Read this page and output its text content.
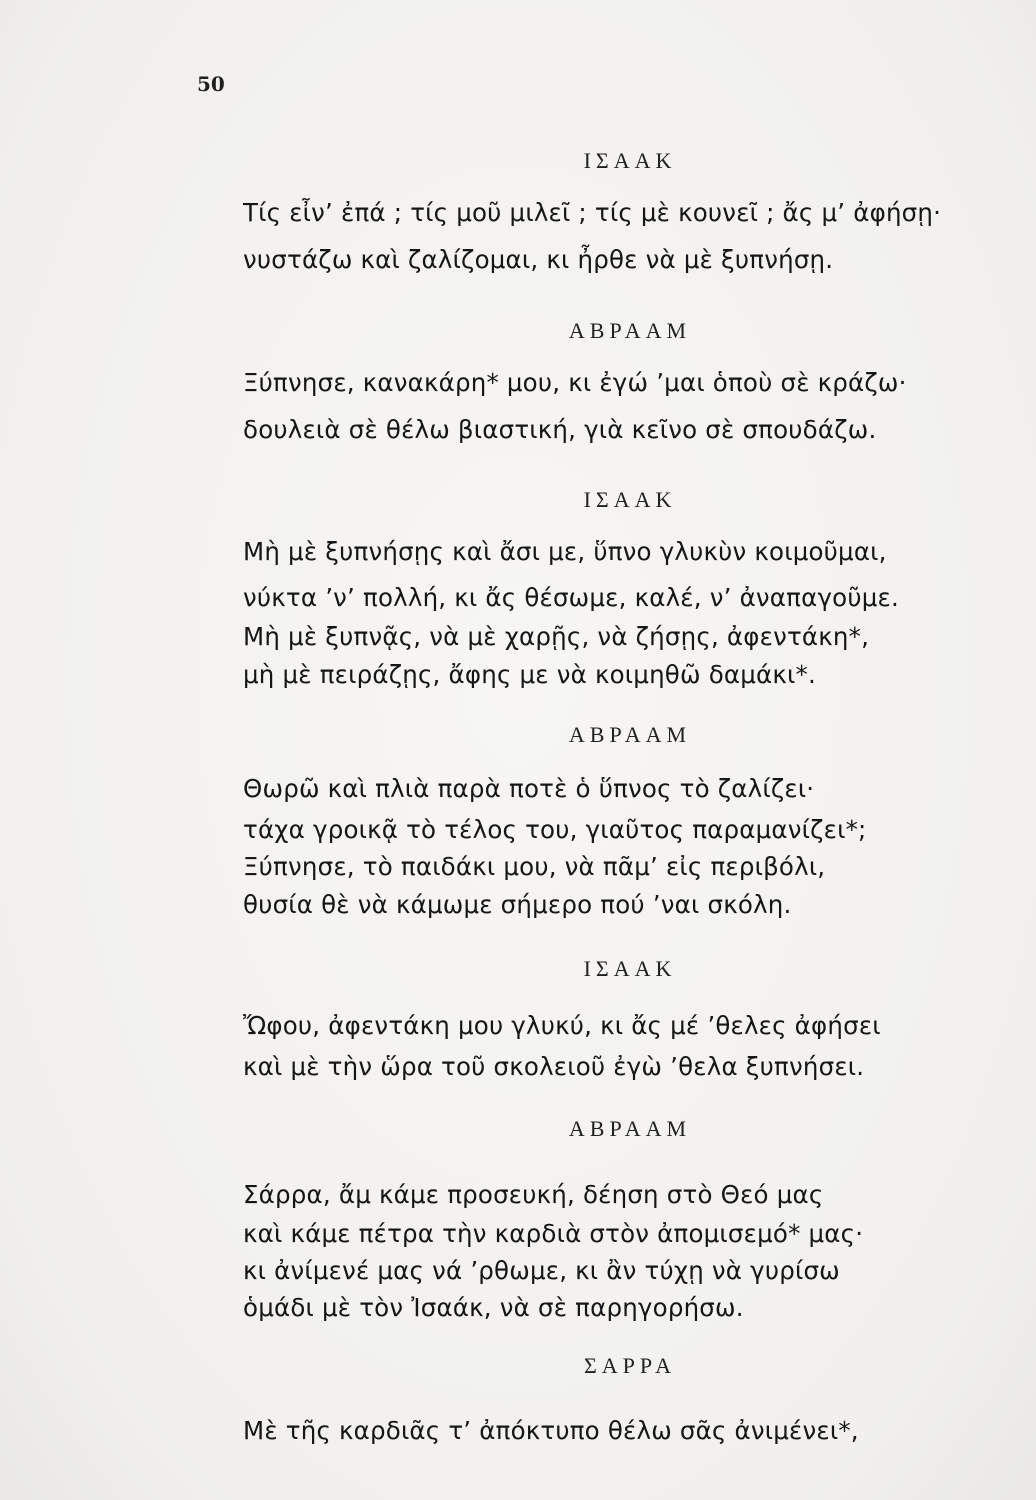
50
ΙΣΑΑΚ
Τίς εἶν’ ἐπά ; τίς μοῦ μιλεῖ ; τίς μὲ κουνεῖ ; ἄς μ’ ἀφήσῃ·
νυστάζω καὶ ζαλίζομαι, κι ἦρθε νὰ μὲ ξυπνήσῃ.
ΑΒΡΑΑΜ
Ξύπνησε, κανακάρη* μου, κι ἐγώ ’μαι ὁποὺ σὲ κράζω·
δουλειὰ σὲ θέλω βιαστική, γιὰ κεῖνο σὲ σπουδάζω.
ΙΣΑΑΚ
Μὴ μὲ ξυπνήσῃς καὶ ἄσι με, ὕπνο γλυκὺν κοιμοῦμαι,
νύκτα ’ν’ πολλή, κι ἄς θέσωμε, καλέ, ν’ ἀναπαγοῦμε.
Μὴ μὲ ξυπνᾷς, νὰ μὲ χαρῇς, νὰ ζήσῃς, ἀφεντάκη*,
μὴ μὲ πειράζῃς, ἄφης με νὰ κοιμηθῶ δαμάκι*.
ΑΒΡΑΑΜ
Θωρῶ καὶ πλιὰ παρὰ ποτὲ ὁ ὕπνος τὸ ζαλίζει·
τάχα γροικᾷ τὸ τέλος του, γιαῦτος παραμανίζει*;
Ξύπνησε, τὸ παιδάκι μου, νὰ πᾶμ’ εἰς περιβόλι,
θυσία θὲ νὰ κάμωμε σήμερο πού ’ναι σκόλη.
ΙΣΑΑΚ
Ὤφου, ἀφεντάκη μου γλυκύ, κι ἄς μέ ’θελες ἀφήσει
καὶ μὲ τὴν ὥρα τοῦ σκολειοῦ ἐγὼ ’θελα ξυπνήσει.
ΑΒΡΑΑΜ
Σάρρα, ἄμ κάμε προσευκή, δέηση στὸ Θεό μας
καὶ κάμε πέτρα τὴν καρδιὰ στὸν ἀπομισεμό* μας·
κι ἀνίμενέ μας νά ’ρθωμε, κι ἂν τύχῃ νὰ γυρίσω
ὁμάδι μὲ τὸν Ἰσαάκ, νὰ σὲ παρηγορήσω.
ΣΑΡΡΑ
Μὲ τῆς καρδιᾶς τ’ ἀπόκτυπο θέλω σᾶς ἀνιμένει*,
